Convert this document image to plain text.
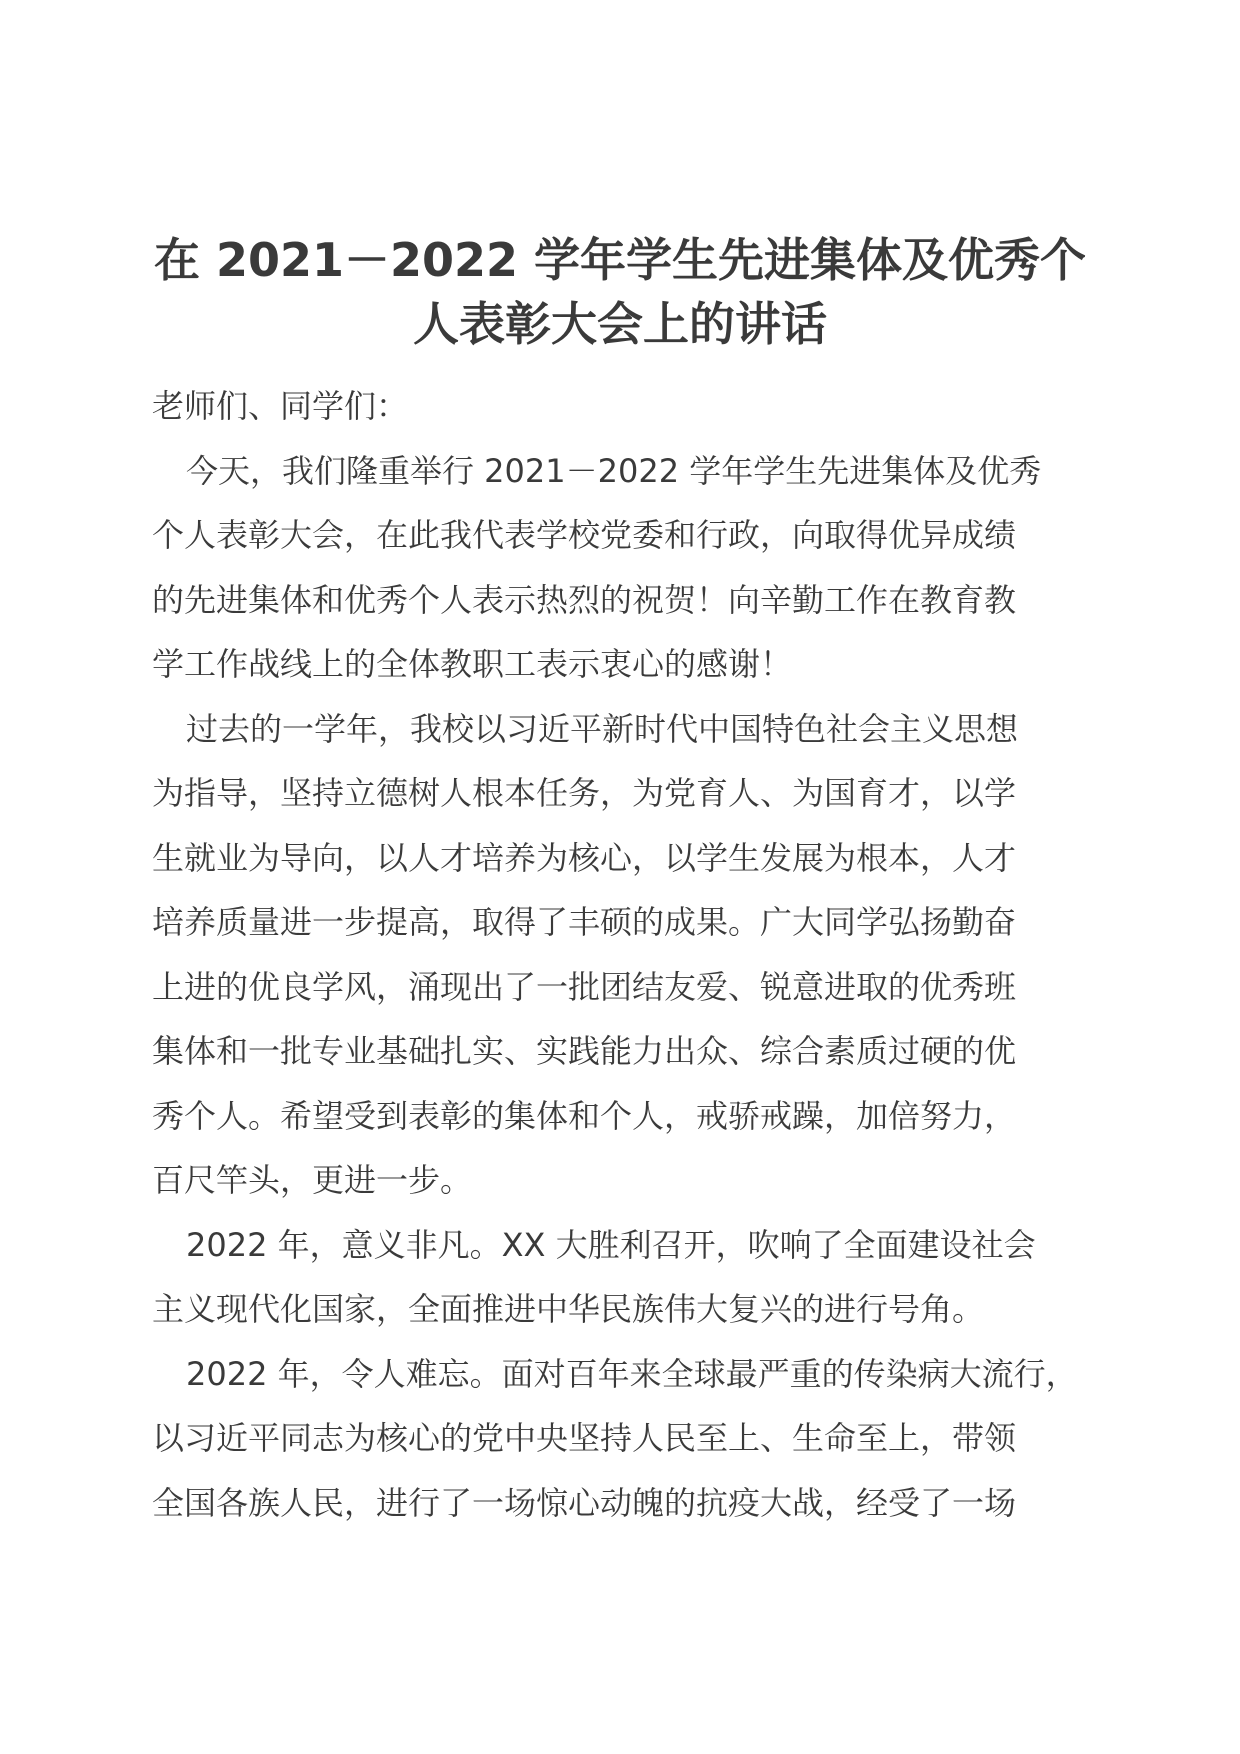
在 2021－2022 学年学生先进集体及优秀个
人表彰大会上的讲话
老师们、同学们：
今天，我们隆重举行 2021－2022 学年学生先进集体及优秀
个人表彰大会，在此我代表学校党委和行政，向取得优异成绩
的先进集体和优秀个人表示热烈的祝贺！向辛勤工作在教育教
学工作战线上的全体教职工表示衷心的感谢！
过去的一学年，我校以习近平新时代中国特色社会主义思想
为指导，坚持立德树人根本任务，为党育人、为国育才，以学
生就业为导向，以人才培养为核心，以学生发展为根本，人才
培养质量进一步提高，取得了丰硕的成果。广大同学弘扬勤奋
上进的优良学风，涌现出了一批团结友爱、锐意进取的优秀班
集体和一批专业基础扎实、实践能力出众、综合素质过硬的优
秀个人。希望受到表彰的集体和个人，戒骄戒躁，加倍努力，
百尺竿头，更进一步。
2022 年，意义非凡。XX 大胜利召开，吹响了全面建设社会
主义现代化国家，全面推进中华民族伟大复兴的进行号角。
2022 年，令人难忘。面对百年来全球最严重的传染病大流行，
以习近平同志为核心的党中央坚持人民至上、生命至上，带领
全国各族人民，进行了一场惊心动魄的抗疫大战，经受了一场
